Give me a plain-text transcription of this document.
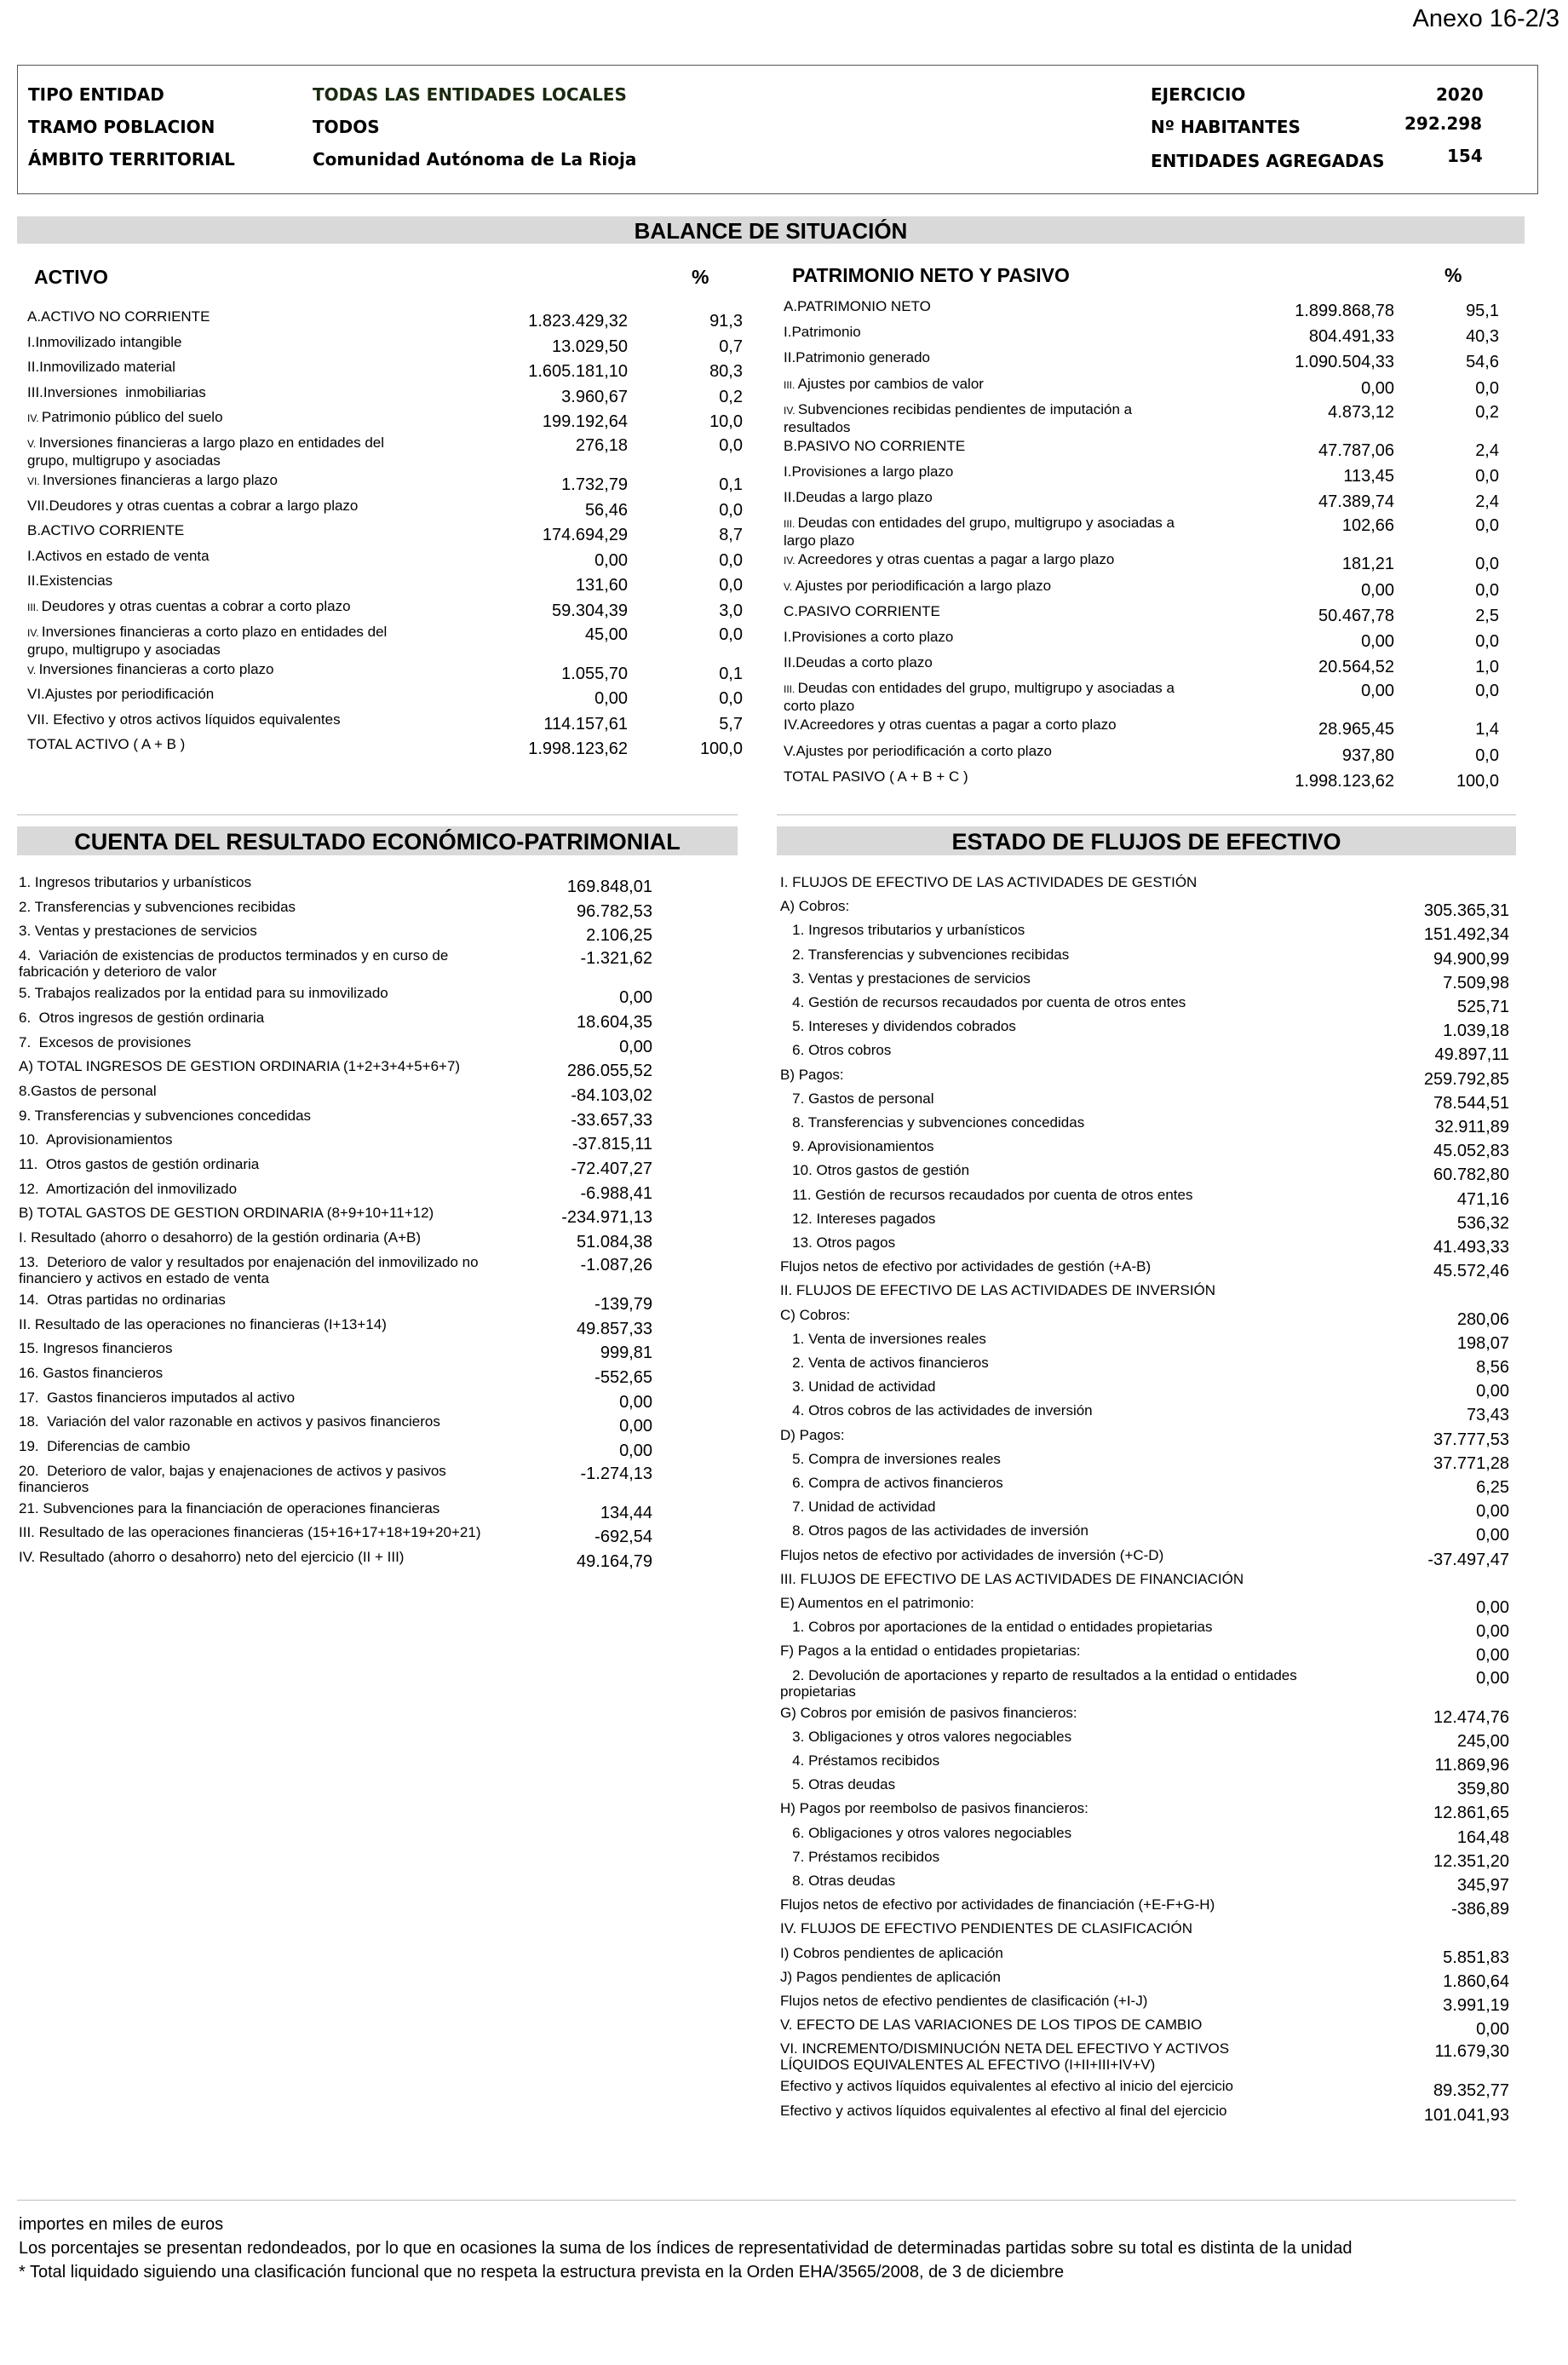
Anexo 16-2/3
TIPO ENTIDAD	TODAS LAS ENTIDADES LOCALES
TRAMO POBLACION	TODOS
ÁMBITO TERRITORIAL	Comunidad Autónoma de La Rioja
EJERCICIO	2020
Nº HABITANTES	292.298
ENTIDADES AGREGADAS	154
BALANCE DE SITUACIÓN
ACTIVO	%
A.ACTIVO NO CORRIENTE	1.823.429,32	91,3
I.Inmovilizado intangible	13.029,50	0,7
II.Inmovilizado material	1.605.181,10	80,3
III.Inversiones  inmobiliarias	3.960,67	0,2
IV. Patrimonio público del suelo	199.192,64	10,0
V. Inversiones financieras a largo plazo en entidades del
grupo, multigrupo y asociadas
276,18	0,0
VI. Inversiones financieras a largo plazo	1.732,79	0,1
VII.Deudores y otras cuentas a cobrar a largo plazo	56,46	0,0
B.ACTIVO CORRIENTE	174.694,29	8,7
I.Activos en estado de venta	0,00	0,0
II.Existencias	131,60	0,0
III. Deudores y otras cuentas a cobrar a corto plazo	59.304,39	3,0
IV. Inversiones financieras a corto plazo en entidades del
grupo, multigrupo y asociadas
45,00	0,0
V. Inversiones financieras a corto plazo	1.055,70	0,1
VI.Ajustes por periodificación	0,00	0,0
VII. Efectivo y otros activos líquidos equivalentes	114.157,61	5,7
TOTAL ACTIVO ( A + B )	1.998.123,62	100,0
PATRIMONIO NETO Y PASIVO	%
A.PATRIMONIO NETO	1.899.868,78	95,1
I.Patrimonio	804.491,33	40,3
II.Patrimonio generado	1.090.504,33	54,6
III. Ajustes por cambios de valor	0,00	0,0
IV. Subvenciones recibidas pendientes de imputación a
resultados
4.873,12	0,2
B.PASIVO NO CORRIENTE	47.787,06	2,4
I.Provisiones a largo plazo	113,45	0,0
II.Deudas a largo plazo	47.389,74	2,4
III. Deudas con entidades del grupo, multigrupo y asociadas a
largo plazo
102,66	0,0
IV. Acreedores y otras cuentas a pagar a largo plazo	181,21	0,0
V. Ajustes por periodificación a largo plazo	0,00	0,0
C.PASIVO CORRIENTE	50.467,78	2,5
I.Provisiones a corto plazo	0,00	0,0
II.Deudas a corto plazo	20.564,52	1,0
III. Deudas con entidades del grupo, multigrupo y asociadas a
corto plazo
0,00	0,0
IV.Acreedores y otras cuentas a pagar a corto plazo	28.965,45	1,4
V.Ajustes por periodificación a corto plazo	937,80	0,0
TOTAL PASIVO ( A + B + C )	1.998.123,62	100,0
CUENTA DEL RESULTADO ECONÓMICO-PATRIMONIAL	ESTADO DE FLUJOS DE EFECTIVO
1. Ingresos tributarios y urbanísticos	169.848,01
2. Transferencias y subvenciones recibidas	96.782,53
3. Ventas y prestaciones de servicios	2.106,25
4.  Variación de existencias de productos terminados y en curso de
fabricación y deterioro de valor
-1.321,62
5. Trabajos realizados por la entidad para su inmovilizado	0,00
6.  Otros ingresos de gestión ordinaria	18.604,35
7.  Excesos de provisiones	0,00
A) TOTAL INGRESOS DE GESTION ORDINARIA (1+2+3+4+5+6+7)	286.055,52
8.Gastos de personal	-84.103,02
9. Transferencias y subvenciones concedidas	-33.657,33
10.  Aprovisionamientos	-37.815,11
11.  Otros gastos de gestión ordinaria	-72.407,27
12.  Amortización del inmovilizado	-6.988,41
B) TOTAL GASTOS DE GESTION ORDINARIA (8+9+10+11+12)	-234.971,13
I. Resultado (ahorro o desahorro) de la gestión ordinaria (A+B)	51.084,38
13.  Deterioro de valor y resultados por enajenación del inmovilizado no
financiero y activos en estado de venta
-1.087,26
14.  Otras partidas no ordinarias	-139,79
II. Resultado de las operaciones no financieras (I+13+14)	49.857,33
15. Ingresos financieros	999,81
16. Gastos financieros	-552,65
17.  Gastos financieros imputados al activo	0,00
18.  Variación del valor razonable en activos y pasivos financieros	0,00
19.  Diferencias de cambio	0,00
20.  Deterioro de valor, bajas y enajenaciones de activos y pasivos
financieros
-1.274,13
21. Subvenciones para la financiación de operaciones financieras	134,44
III. Resultado de las operaciones financieras (15+16+17+18+19+20+21)	-692,54
IV. Resultado (ahorro o desahorro) neto del ejercicio (II + III)	49.164,79
I. FLUJOS DE EFECTIVO DE LAS ACTIVIDADES DE GESTIÓN
A) Cobros:	305.365,31
1. Ingresos tributarios y urbanísticos	151.492,34
2. Transferencias y subvenciones recibidas	94.900,99
3. Ventas y prestaciones de servicios	7.509,98
4. Gestión de recursos recaudados por cuenta de otros entes	525,71
5. Intereses y dividendos cobrados	1.039,18
6. Otros cobros	49.897,11
B) Pagos:	259.792,85
7. Gastos de personal	78.544,51
8. Transferencias y subvenciones concedidas	32.911,89
9. Aprovisionamientos	45.052,83
10. Otros gastos de gestión	60.782,80
11. Gestión de recursos recaudados por cuenta de otros entes	471,16
12. Intereses pagados	536,32
13. Otros pagos	41.493,33
Flujos netos de efectivo por actividades de gestión (+A-B)	45.572,46
II. FLUJOS DE EFECTIVO DE LAS ACTIVIDADES DE INVERSIÓN
C) Cobros:	280,06
1. Venta de inversiones reales	198,07
2. Venta de activos financieros	8,56
3. Unidad de actividad	0,00
4. Otros cobros de las actividades de inversión	73,43
D) Pagos:	37.777,53
5. Compra de inversiones reales	37.771,28
6. Compra de activos financieros	6,25
7. Unidad de actividad	0,00
8. Otros pagos de las actividades de inversión	0,00
Flujos netos de efectivo por actividades de inversión (+C-D)	-37.497,47
III. FLUJOS DE EFECTIVO DE LAS ACTIVIDADES DE FINANCIACIÓN
E) Aumentos en el patrimonio:	0,00
1. Cobros por aportaciones de la entidad o entidades propietarias	0,00
F) Pagos a la entidad o entidades propietarias:	0,00
2. Devolución de aportaciones y reparto de resultados a la entidad o entidades
propietarias
0,00
G) Cobros por emisión de pasivos financieros:	12.474,76
3. Obligaciones y otros valores negociables	245,00
4. Préstamos recibidos	11.869,96
5. Otras deudas	359,80
H) Pagos por reembolso de pasivos financieros:	12.861,65
6. Obligaciones y otros valores negociables	164,48
7. Préstamos recibidos	12.351,20
8. Otras deudas	345,97
Flujos netos de efectivo por actividades de financiación (+E-F+G-H)	-386,89
IV. FLUJOS DE EFECTIVO PENDIENTES DE CLASIFICACIÓN
I) Cobros pendientes de aplicación	5.851,83
J) Pagos pendientes de aplicación	1.860,64
Flujos netos de efectivo pendientes de clasificación (+I-J)	3.991,19
V. EFECTO DE LAS VARIACIONES DE LOS TIPOS DE CAMBIO	0,00
VI. INCREMENTO/DISMINUCIÓN NETA DEL EFECTIVO Y ACTIVOS
LÍQUIDOS EQUIVALENTES AL EFECTIVO (I+II+III+IV+V)
11.679,30
Efectivo y activos líquidos equivalentes al efectivo al inicio del ejercicio	89.352,77
Efectivo y activos líquidos equivalentes al efectivo al final del ejercicio	101.041,93
importes en miles de euros
Los porcentajes se presentan redondeados, por lo que en ocasiones la suma de los índices de representatividad de determinadas partidas sobre su total es distinta de la unidad
* Total liquidado siguiendo una clasificación funcional que no respeta la estructura prevista en la Orden EHA/3565/2008, de 3 de diciembre
